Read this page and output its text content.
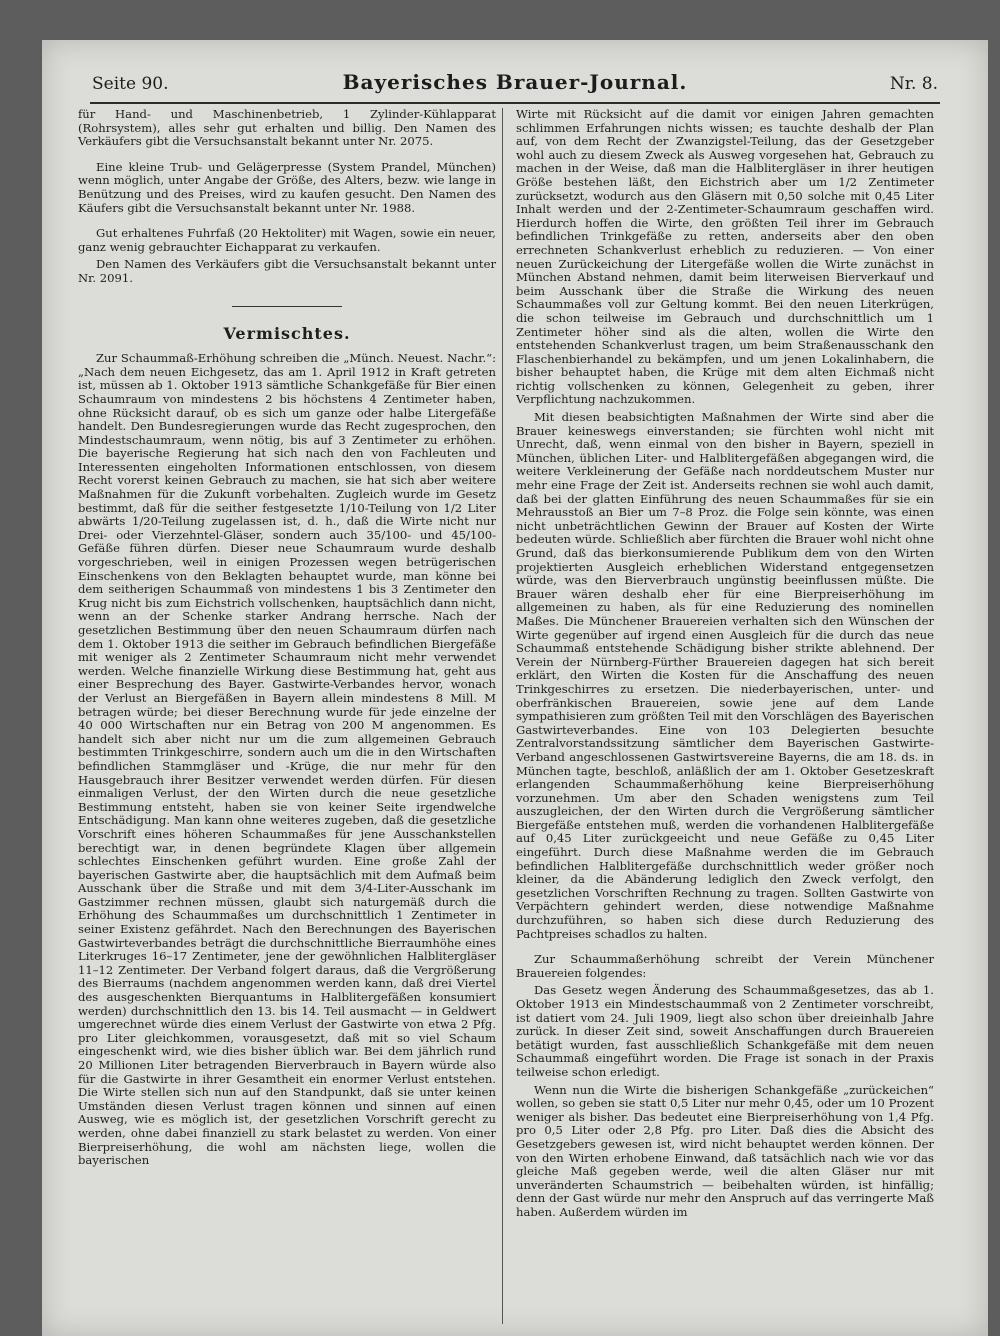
Seite 90.	Bayerisches Brauer-Journal.	Nr. 8.

für Hand- und Maschinenbetrieb, 1 Zylinder-Kühlapparat (Rohrsystem), alles sehr gut erhalten und billig. Den Namen des Verkäufers gibt die Versuchsanstalt bekannt unter Nr. 2075.

Eine kleine Trub- und Gelägerpresse (System Prandel, München) wenn möglich, unter Angabe der Größe, des Alters, bezw. wie lange in Benützung und des Preises, wird zu kaufen gesucht. Den Namen des Käufers gibt die Versuchsanstalt bekannt unter Nr. 1988.

Gut erhaltenes Fuhrfaß (20 Hektoliter) mit Wagen, sowie ein neuer, ganz wenig gebrauchter Eichapparat zu verkaufen.

Den Namen des Verkäufers gibt die Versuchsanstalt bekannt unter Nr. 2091.

Vermischtes.

Zur Schaummaß-Erhöhung schreiben die „Münch. Neuest. Nachr.“: „Nach dem neuen Eichgesetz, das am 1. April 1912 in Kraft getreten ist, müssen ab 1. Oktober 1913 sämtliche Schankgefäße für Bier einen Schaumraum von mindestens 2 bis höchstens 4 Zentimeter haben, ohne Rücksicht darauf, ob es sich um ganze oder halbe Litergefäße handelt. Den Bundesregierungen wurde das Recht zugesprochen, den Mindestschaumraum, wenn nötig, bis auf 3 Zentimeter zu erhöhen. Die bayerische Regierung hat sich nach den von Fachleuten und Interessenten eingeholten Informationen entschlossen, von diesem Recht vorerst keinen Gebrauch zu machen, sie hat sich aber weitere Maßnahmen für die Zukunft vorbehalten. Zugleich wurde im Gesetz bestimmt, daß für die seither festgesetzte 1/10-Teilung von 1/2 Liter abwärts 1/20-Teilung zugelassen ist, d. h., daß die Wirte nicht nur Drei- oder Vierzehntel-Gläser, sondern auch 35/100- und 45/100-Gefäße führen dürfen. Dieser neue Schaumraum wurde deshalb vorgeschrieben, weil in einigen Prozessen wegen betrügerischen Einschenkens von den Beklagten behauptet wurde, man könne bei dem seitherigen Schaummaß von mindestens 1 bis 3 Zentimeter den Krug nicht bis zum Eichstrich vollschenken, hauptsächlich dann nicht, wenn an der Schenke starker Andrang herrsche. Nach der gesetzlichen Bestimmung über den neuen Schaumraum dürfen nach dem 1. Oktober 1913 die seither im Gebrauch befindlichen Biergefäße mit weniger als 2 Zentimeter Schaumraum nicht mehr verwendet werden. Welche finanzielle Wirkung diese Bestimmung hat, geht aus einer Besprechung des Bayer. Gastwirte-Verbandes hervor, wonach der Verlust an Biergefäßen in Bayern allein mindestens 8 Mill. M betragen würde; bei dieser Berechnung wurde für jede einzelne der 40 000 Wirtschaften nur ein Betrag von 200 M angenommen. Es handelt sich aber nicht nur um die zum allgemeinen Gebrauch bestimmten Trinkgeschirre, sondern auch um die in den Wirtschaften befindlichen Stammgläser und -Krüge, die nur mehr für den Hausgebrauch ihrer Besitzer verwendet werden dürfen. Für diesen einmaligen Verlust, der den Wirten durch die neue gesetzliche Bestimmung entsteht, haben sie von keiner Seite irgendwelche Entschädigung. Man kann ohne weiteres zugeben, daß die gesetzliche Vorschrift eines höheren Schaummaßes für jene Ausschankstellen berechtigt war, in denen begründete Klagen über allgemein schlechtes Einschenken geführt wurden. Eine große Zahl der bayerischen Gastwirte aber, die hauptsächlich mit dem Aufmaß beim Ausschank über die Straße und mit dem 3/4-Liter-Ausschank im Gastzimmer rechnen müssen, glaubt sich naturgemäß durch die Erhöhung des Schaummaßes um durchschnittlich 1 Zentimeter in seiner Existenz gefährdet. Nach den Berechnungen des Bayerischen Gastwirteverbandes beträgt die durchschnittliche Bierraumhöhe eines Literkruges 16–17 Zentimeter, jene der gewöhnlichen Halblitergläser 11–12 Zentimeter. Der Verband folgert daraus, daß die Vergrößerung des Bierraums (nachdem angenommen werden kann, daß drei Viertel des ausgeschenkten Bierquantums in Halblitergefäßen konsumiert werden) durchschnittlich den 13. bis 14. Teil ausmacht — in Geldwert umgerechnet würde dies einem Verlust der Gastwirte von etwa 2 Pfg. pro Liter gleichkommen, vorausgesetzt, daß mit so viel Schaum eingeschenkt wird, wie dies bisher üblich war. Bei dem jährlich rund 20 Millionen Liter betragenden Bierverbrauch in Bayern würde also für die Gastwirte in ihrer Gesamtheit ein enormer Verlust entstehen. Die Wirte stellen sich nun auf den Standpunkt, daß sie unter keinen Umständen diesen Verlust tragen können und sinnen auf einen Ausweg, wie es möglich ist, der gesetzlichen Vorschrift gerecht zu werden, ohne dabei finanziell zu stark belastet zu werden. Von einer Bierpreiserhöhung, die wohl am nächsten liege, wollen die bayerischen

Wirte mit Rücksicht auf die damit vor einigen Jahren gemachten schlimmen Erfahrungen nichts wissen; es tauchte deshalb der Plan auf, von dem Recht der Zwanzigstel-Teilung, das der Gesetzgeber wohl auch zu diesem Zweck als Ausweg vorgesehen hat, Gebrauch zu machen in der Weise, daß man die Halblitergläser in ihrer heutigen Größe bestehen läßt, den Eichstrich aber um 1/2 Zentimeter zurücksetzt, wodurch aus den Gläsern mit 0,50 solche mit 0,45 Liter Inhalt werden und der 2-Zentimeter-Schaumraum geschaffen wird. Hierdurch hoffen die Wirte, den größten Teil ihrer im Gebrauch befindlichen Trinkgefäße zu retten, anderseits aber den oben errechneten Schankverlust erheblich zu reduzieren. — Von einer neuen Zurückeichung der Litergefäße wollen die Wirte zunächst in München Abstand nehmen, damit beim literweisen Bierverkauf und beim Ausschank über die Straße die Wirkung des neuen Schaummaßes voll zur Geltung kommt. Bei den neuen Literkrügen, die schon teilweise im Gebrauch und durchschnittlich um 1 Zentimeter höher sind als die alten, wollen die Wirte den entstehenden Schankverlust tragen, um beim Straßenausschank den Flaschenbierhandel zu bekämpfen, und um jenen Lokalinhabern, die bisher behauptet haben, die Krüge mit dem alten Eichmaß nicht richtig vollschenken zu können, Gelegenheit zu geben, ihrer Verpflichtung nachzukommen.

Mit diesen beabsichtigten Maßnahmen der Wirte sind aber die Brauer keineswegs einverstanden; sie fürchten wohl nicht mit Unrecht, daß, wenn einmal von den bisher in Bayern, speziell in München, üblichen Liter- und Halblitergefäßen abgegangen wird, die weitere Verkleinerung der Gefäße nach norddeutschem Muster nur mehr eine Frage der Zeit ist. Anderseits rechnen sie wohl auch damit, daß bei der glatten Einführung des neuen Schaummaßes für sie ein Mehrausstoß an Bier um 7–8 Proz. die Folge sein könnte, was einen nicht unbeträchtlichen Gewinn der Brauer auf Kosten der Wirte bedeuten würde. Schließlich aber fürchten die Brauer wohl nicht ohne Grund, daß das bierkonsumierende Publikum dem von den Wirten projektierten Ausgleich erheblichen Widerstand entgegensetzen würde, was den Bierverbrauch ungünstig beeinflussen müßte. Die Brauer wären deshalb eher für eine Bierpreiserhöhung im allgemeinen zu haben, als für eine Reduzierung des nominellen Maßes. Die Münchener Brauereien verhalten sich den Wünschen der Wirte gegenüber auf irgend einen Ausgleich für die durch das neue Schaummaß entstehende Schädigung bisher strikte ablehnend. Der Verein der Nürnberg-Fürther Brauereien dagegen hat sich bereit erklärt, den Wirten die Kosten für die Anschaffung des neuen Trinkgeschirres zu ersetzen. Die niederbayerischen, unter- und oberfränkischen Brauereien, sowie jene auf dem Lande sympathisieren zum größten Teil mit den Vorschlägen des Bayerischen Gastwirteverbandes. Eine von 103 Delegierten besuchte Zentralvorstandssitzung sämtlicher dem Bayerischen Gastwirte-Verband angeschlossenen Gastwirtsvereine Bayerns, die am 18. ds. in München tagte, beschloß, anläßlich der am 1. Oktober Gesetzeskraft erlangenden Schaummaßerhöhung keine Bierpreiserhöhung vorzunehmen. Um aber den Schaden wenigstens zum Teil auszugleichen, der den Wirten durch die Vergrößerung sämtlicher Biergefäße entstehen muß, werden die vorhandenen Halblitergefäße auf 0,45 Liter zurückgeeicht und neue Gefäße zu 0,45 Liter eingeführt. Durch diese Maßnahme werden die im Gebrauch befindlichen Halblitergefäße durchschnittlich weder größer noch kleiner, da die Abänderung lediglich den Zweck verfolgt, den gesetzlichen Vorschriften Rechnung zu tragen. Sollten Gastwirte von Verpächtern gehindert werden, diese notwendige Maßnahme durchzuführen, so haben sich diese durch Reduzierung des Pachtpreises schadlos zu halten.

Zur Schaummaßerhöhung schreibt der Verein Münchener Brauereien folgendes:

Das Gesetz wegen Änderung des Schaummaßgesetzes, das ab 1. Oktober 1913 ein Mindestschaummaß von 2 Zentimeter vorschreibt, ist datiert vom 24. Juli 1909, liegt also schon über dreieinhalb Jahre zurück. In dieser Zeit sind, soweit Anschaffungen durch Brauereien betätigt wurden, fast ausschließlich Schankgefäße mit dem neuen Schaummaß eingeführt worden. Die Frage ist sonach in der Praxis teilweise schon erledigt.

Wenn nun die Wirte die bisherigen Schankgefäße „zurückeichen“ wollen, so geben sie statt 0,5 Liter nur mehr 0,45, oder um 10 Prozent weniger als bisher. Das bedeutet eine Bierpreiserhöhung von 1,4 Pfg. pro 0,5 Liter oder 2,8 Pfg. pro Liter. Daß dies die Absicht des Gesetzgebers gewesen ist, wird nicht behauptet werden können. Der von den Wirten erhobene Einwand, daß tatsächlich nach wie vor das gleiche Maß gegeben werde, weil die alten Gläser nur mit unveränderten Schaumstrich — beibehalten würden, ist hinfällig; denn der Gast würde nur mehr den Anspruch auf das verringerte Maß haben. Außerdem würden im
